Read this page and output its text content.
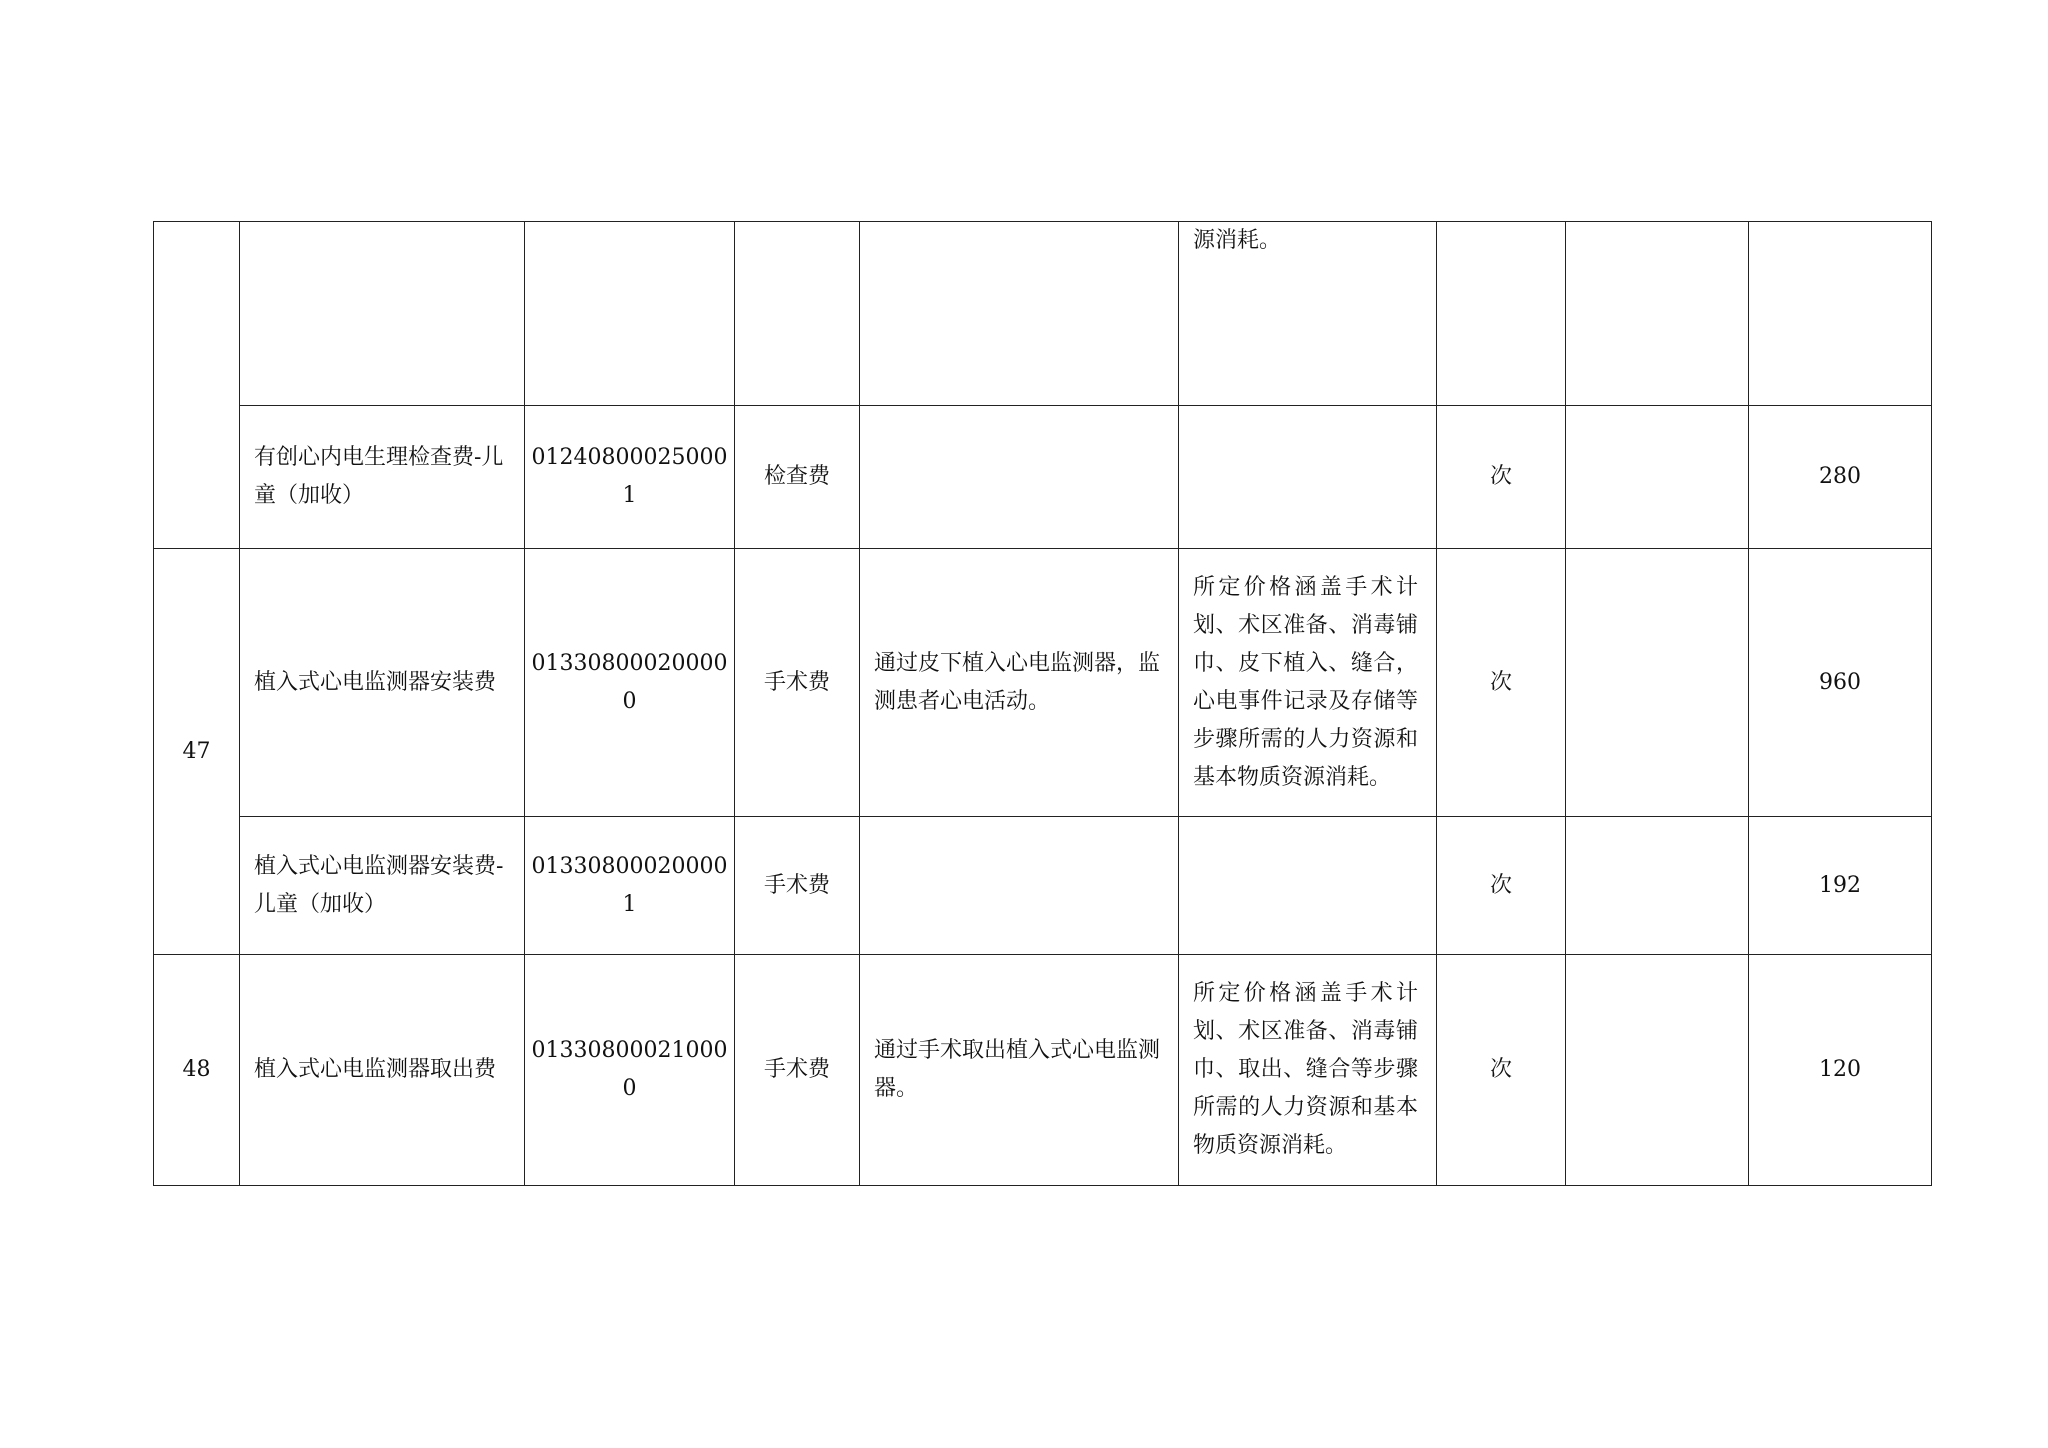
					源消耗。			
	有创心内电生理检查费-儿童（加收）	012408000250001	检查费			次		280
47	植入式心电监测器安装费	013308000200000	手术费	通过皮下植入心电监测器，监测患者心电活动。	所定价格涵盖手术计划、术区准备、消毒铺巾、皮下植入、缝合，心电事件记录及存储等步骤所需的人力资源和基本物质资源消耗。	次		960
	植入式心电监测器安装费-儿童（加收）	013308000200001	手术费			次		192
48	植入式心电监测器取出费	013308000210000	手术费	通过手术取出植入式心电监测器。	所定价格涵盖手术计划、术区准备、消毒铺巾、取出、缝合等步骤所需的人力资源和基本物质资源消耗。	次		120
